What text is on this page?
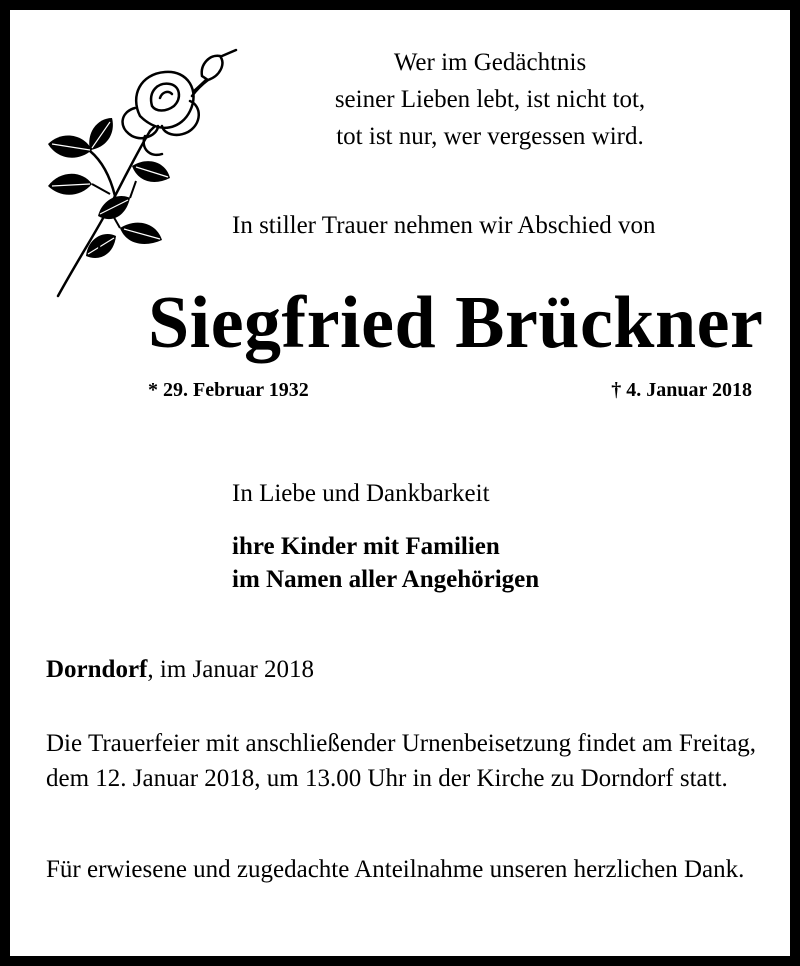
Wer im Gedächtnis
seiner Lieben lebt, ist nicht tot,
tot ist nur, wer vergessen wird.
In stiller Trauer nehmen wir Abschied von
Siegfried Brückner
* 29. Februar 1932	† 4. Januar 2018
In Liebe und Dankbarkeit
ihre Kinder mit Familien
im Namen aller Angehörigen
Dorndorf, im Januar 2018
Die Trauerfeier mit anschließender Urnenbeisetzung findet am Freitag, dem 12. Januar 2018, um 13.00 Uhr in der Kirche zu Dorndorf statt.
Für erwiesene und zugedachte Anteilnahme unseren herzlichen Dank.
